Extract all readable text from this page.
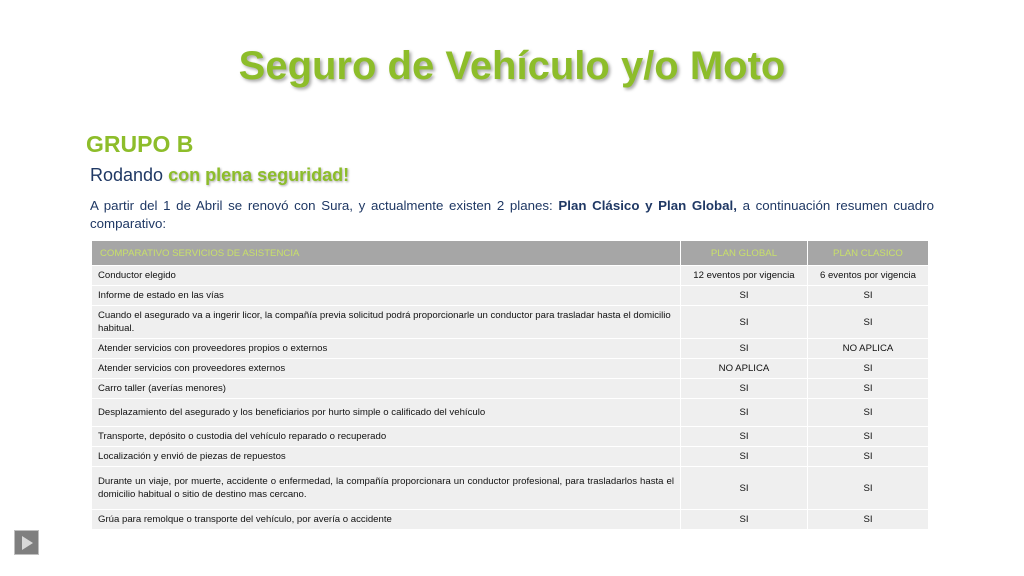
Seguro de Vehículo y/o Moto
GRUPO B
Rodando con plena seguridad!
A partir del 1 de Abril se renovó con Sura, y actualmente existen 2 planes: Plan Clásico y Plan Global, a continuación resumen cuadro comparativo:
COMPARATIVO SERVICIOS DE ASISTENCIA	PLAN GLOBAL	PLAN CLASICO
Conductor elegido	12 eventos por vigencia	6 eventos por vigencia
Informe de estado en las vías	SI	SI
Cuando el asegurado va a ingerir licor, la compañía previa solicitud podrá proporcionarle un conductor para trasladar hasta el domicilio habitual.	SI	SI
Atender servicios con proveedores propios o externos	SI	NO APLICA
Atender servicios con proveedores externos	NO APLICA	SI
Carro taller (averías menores)	SI	SI
Desplazamiento del asegurado y los beneficiarios por hurto simple o calificado del vehículo	SI	SI
Transporte, depósito o custodia del vehículo reparado o recuperado	SI	SI
Localización y envió de piezas de repuestos	SI	SI
Durante un viaje, por muerte, accidente o enfermedad, la compañía proporcionara un conductor profesional, para trasladarlos hasta el domicilio habitual o sitio de destino mas cercano.	SI	SI
Grúa para remolque o transporte del vehículo, por avería o accidente	SI	SI
